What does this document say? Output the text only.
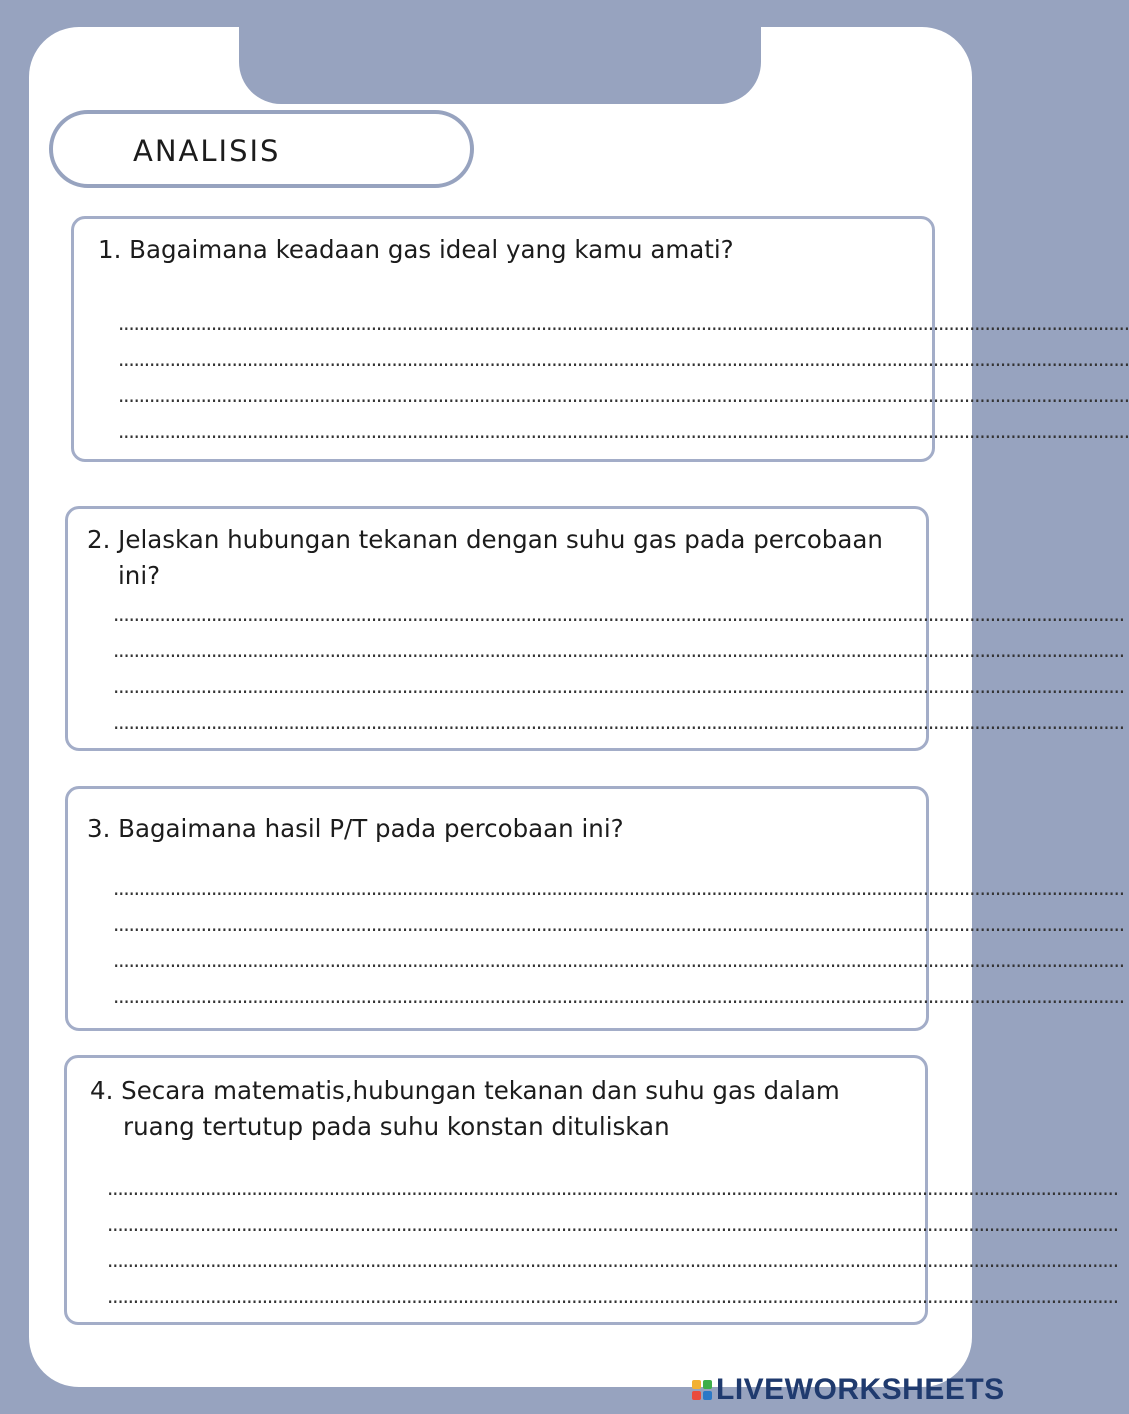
ANALISIS
1. Bagaimana keadaan gas ideal yang kamu amati?
....................................................................................................................................................................................................
....................................................................................................................................................................................................
....................................................................................................................................................................................................
....................................................................................................................................................................................................
2. Jelaskan hubungan tekanan dengan suhu gas pada percobaan
ini?
....................................................................................................................................................................................................
....................................................................................................................................................................................................
....................................................................................................................................................................................................
....................................................................................................................................................................................................
3. Bagaimana hasil P/T pada percobaan ini?
....................................................................................................................................................................................................
....................................................................................................................................................................................................
....................................................................................................................................................................................................
....................................................................................................................................................................................................
4. Secara matematis,hubungan tekanan dan suhu gas dalam
ruang tertutup pada suhu konstan dituliskan
....................................................................................................................................................................................................
....................................................................................................................................................................................................
....................................................................................................................................................................................................
....................................................................................................................................................................................................
LIVEWORKSHEETS
